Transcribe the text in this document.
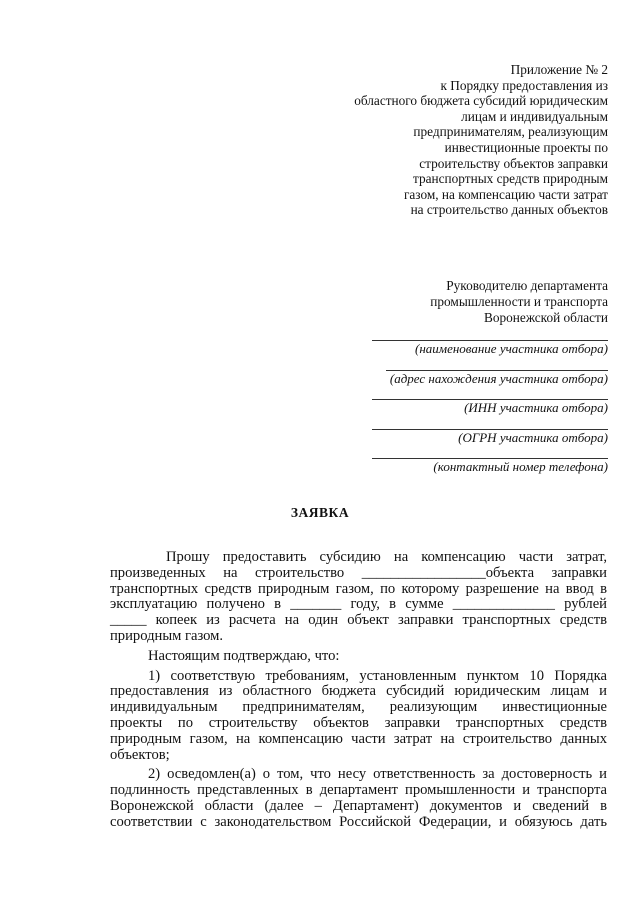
Приложение № 2
к Порядку предоставления из
областного бюджета субсидий юридическим
лицам и индивидуальным
предпринимателям, реализующим
инвестиционные проекты по
строительству объектов заправки
транспортных средств природным
газом, на компенсацию части затрат
на строительство данных объектов
Руководителю департамента
промышленности и транспорта
Воронежской области
(наименование участника отбора)
(адрес нахождения участника отбора)
(ИНН участника отбора)
(ОГРН участника отбора)
(контактный номер телефона)
ЗАЯВКА
Прошу предоставить субсидию на компенсацию части затрат,
произведенных на строительство _________________объекта заправки
транспортных средств природным газом, по которому разрешение на ввод в
эксплуатацию получено в _______ году, в сумме ______________ рублей
_____ копеек из расчета на один объект заправки транспортных средств
природным газом.
Настоящим подтверждаю, что:
1) соответствую требованиям, установленным пунктом 10 Порядка
предоставления из областного бюджета субсидий юридическим лицам и
индивидуальным предпринимателям, реализующим инвестиционные
проекты по строительству объектов заправки транспортных средств
природным газом, на компенсацию части затрат на строительство данных
объектов;
2) осведомлен(а) о том, что несу ответственность за достоверность и
подлинность представленных в департамент промышленности и транспорта
Воронежской области (далее – Департамент) документов и сведений в
соответствии с законодательством Российской Федерации, и обязуюсь дать
